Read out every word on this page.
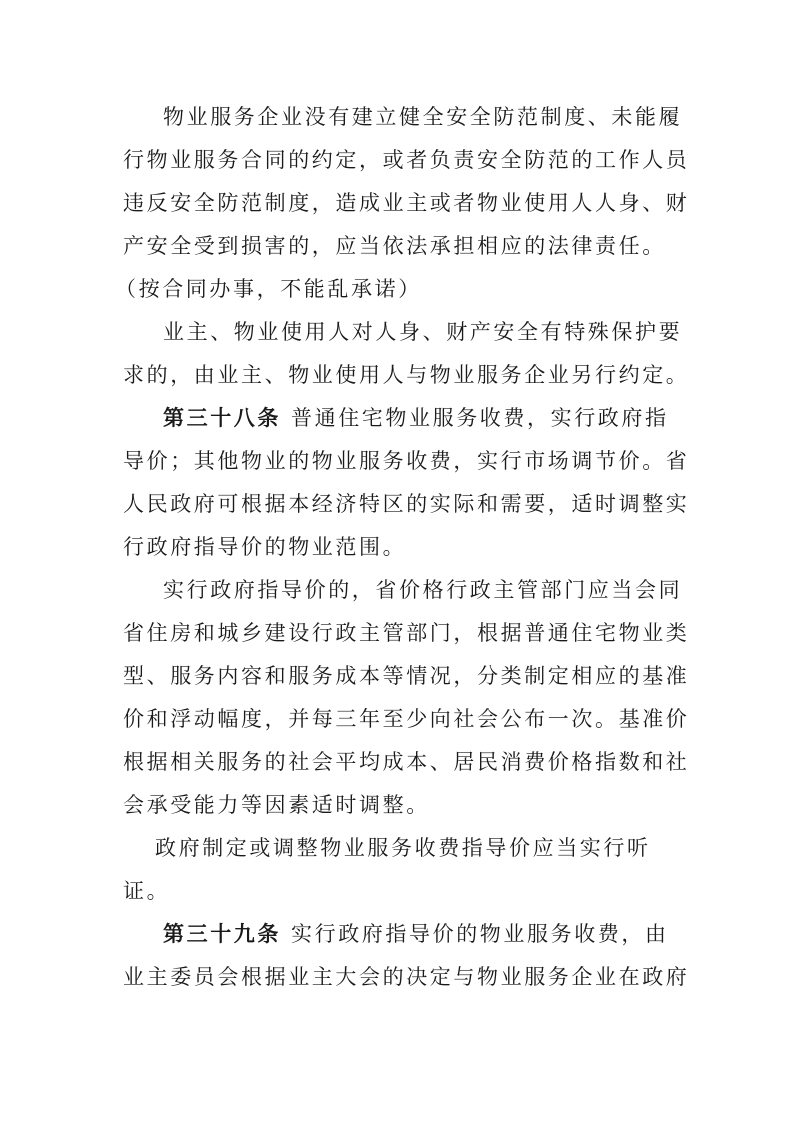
物业服务企业没有建立健全安全防范制度、未能履
行物业服务合同的约定，或者负责安全防范的工作人员
违反安全防范制度，造成业主或者物业使用人人身、财
产安全受到损害的，应当依法承担相应的法律责任。
（按合同办事，不能乱承诺）
业主、物业使用人对人身、财产安全有特殊保护要
求的，由业主、物业使用人与物业服务企业另行约定。
第三十八条 普通住宅物业服务收费，实行政府指
导价；其他物业的物业服务收费，实行市场调节价。省
人民政府可根据本经济特区的实际和需要，适时调整实
行政府指导价的物业范围。
实行政府指导价的，省价格行政主管部门应当会同
省住房和城乡建设行政主管部门，根据普通住宅物业类
型、服务内容和服务成本等情况，分类制定相应的基准
价和浮动幅度，并每三年至少向社会公布一次。基准价
根据相关服务的社会平均成本、居民消费价格指数和社
会承受能力等因素适时调整。
政府制定或调整物业服务收费指导价应当实行听
证。
第三十九条 实行政府指导价的物业服务收费，由
业主委员会根据业主大会的决定与物业服务企业在政府
